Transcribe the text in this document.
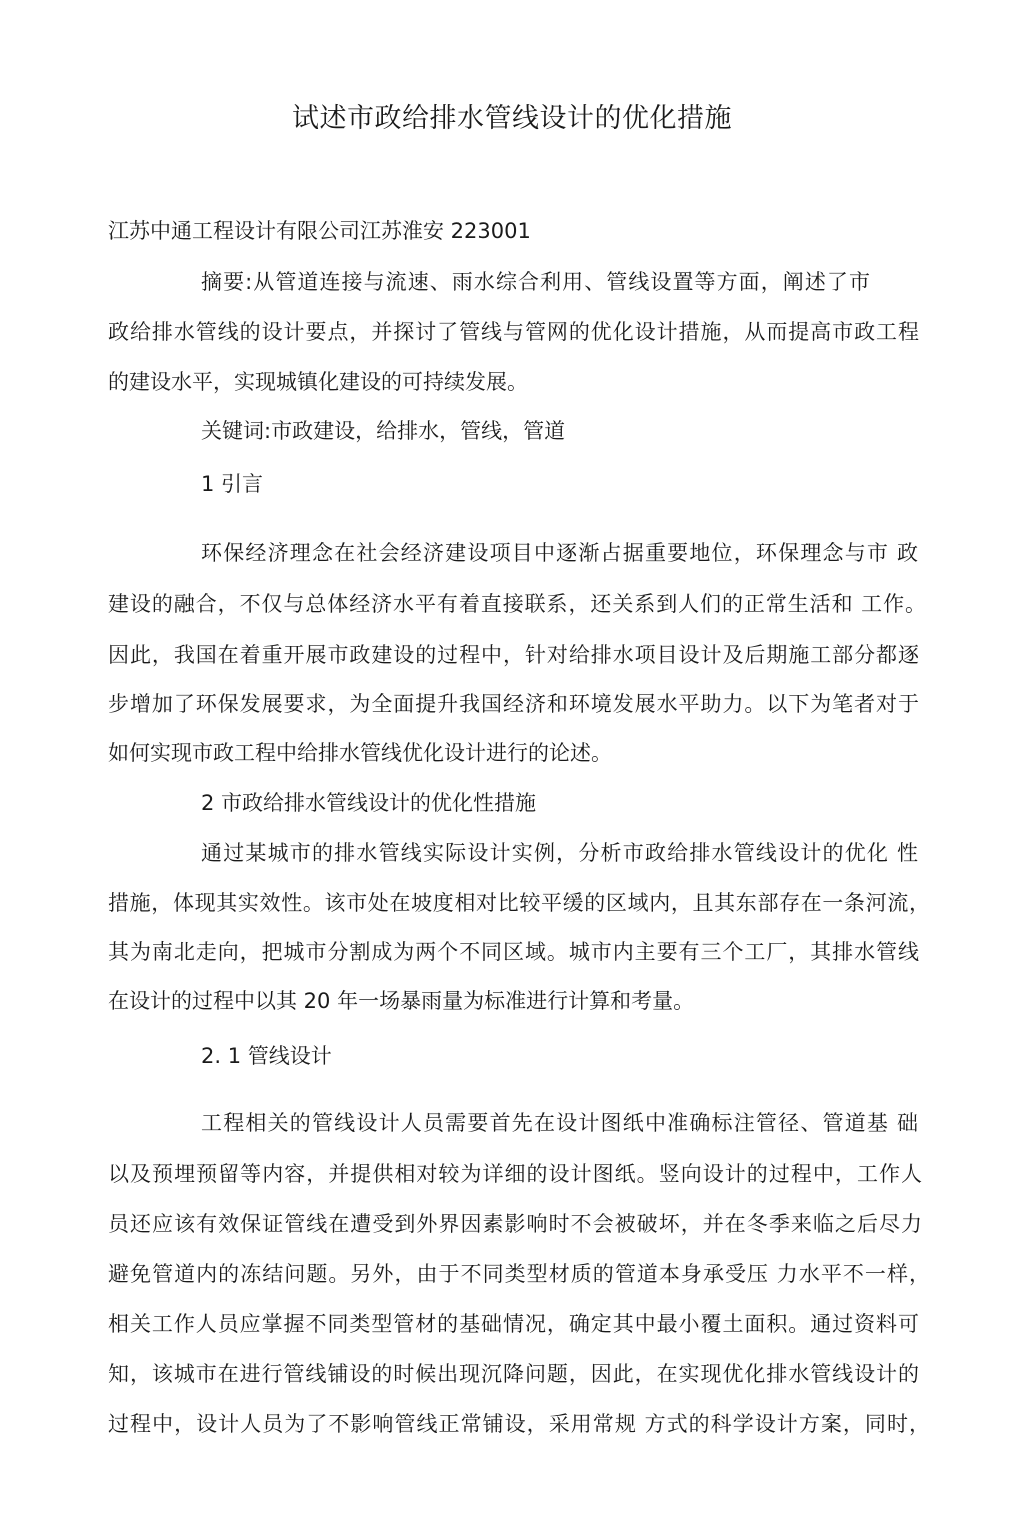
试述市政给排水管线设计的优化措施
江苏中通工程设计有限公司江苏淮安 223001
摘要:从管道连接与流速、雨水综合利用、管线设置等方面，阐述了市
政给排水管线的设计要点，并探讨了管线与管网的优化设计措施，从而提高市政工程
的建设水平，实现城镇化建设的可持续发展。
关键词:市政建设，给排水，管线，管道
1 引言
环保经济理念在社会经济建设项目中逐渐占据重要地位，环保理念与市 政
建设的融合，不仅与总体经济水平有着直接联系，还关系到人们的正常生活和 工作。
因此，我国在着重开展市政建设的过程中，针对给排水项目设计及后期施工部分都逐
步增加了环保发展要求，为全面提升我国经济和环境发展水平助力。以下为笔者对于
如何实现市政工程中给排水管线优化设计进行的论述。
2 市政给排水管线设计的优化性措施
通过某城市的排水管线实际设计实例，分析市政给排水管线设计的优化 性
措施，体现其实效性。该市处在坡度相对比较平缓的区域内，且其东部存在一条河流，
其为南北走向，把城市分割成为两个不同区域。城市内主要有三个工厂，其排水管线
在设计的过程中以其 20 年一场暴雨量为标准进行计算和考量。
2. 1 管线设计
工程相关的管线设计人员需要首先在设计图纸中准确标注管径、管道基 础
以及预埋预留等内容，并提供相对较为详细的设计图纸。竖向设计的过程中，工作人
员还应该有效保证管线在遭受到外界因素影响时不会被破坏，并在冬季来临之后尽力
避免管道内的冻结问题。另外，由于不同类型材质的管道本身承受压 力水平不一样，
相关工作人员应掌握不同类型管材的基础情况，确定其中最小覆土面积。通过资料可
知，该城市在进行管线铺设的时候出现沉降问题，因此，在实现优化排水管线设计的
过程中，设计人员为了不影响管线正常铺设，采用常规 方式的科学设计方案，同时，
